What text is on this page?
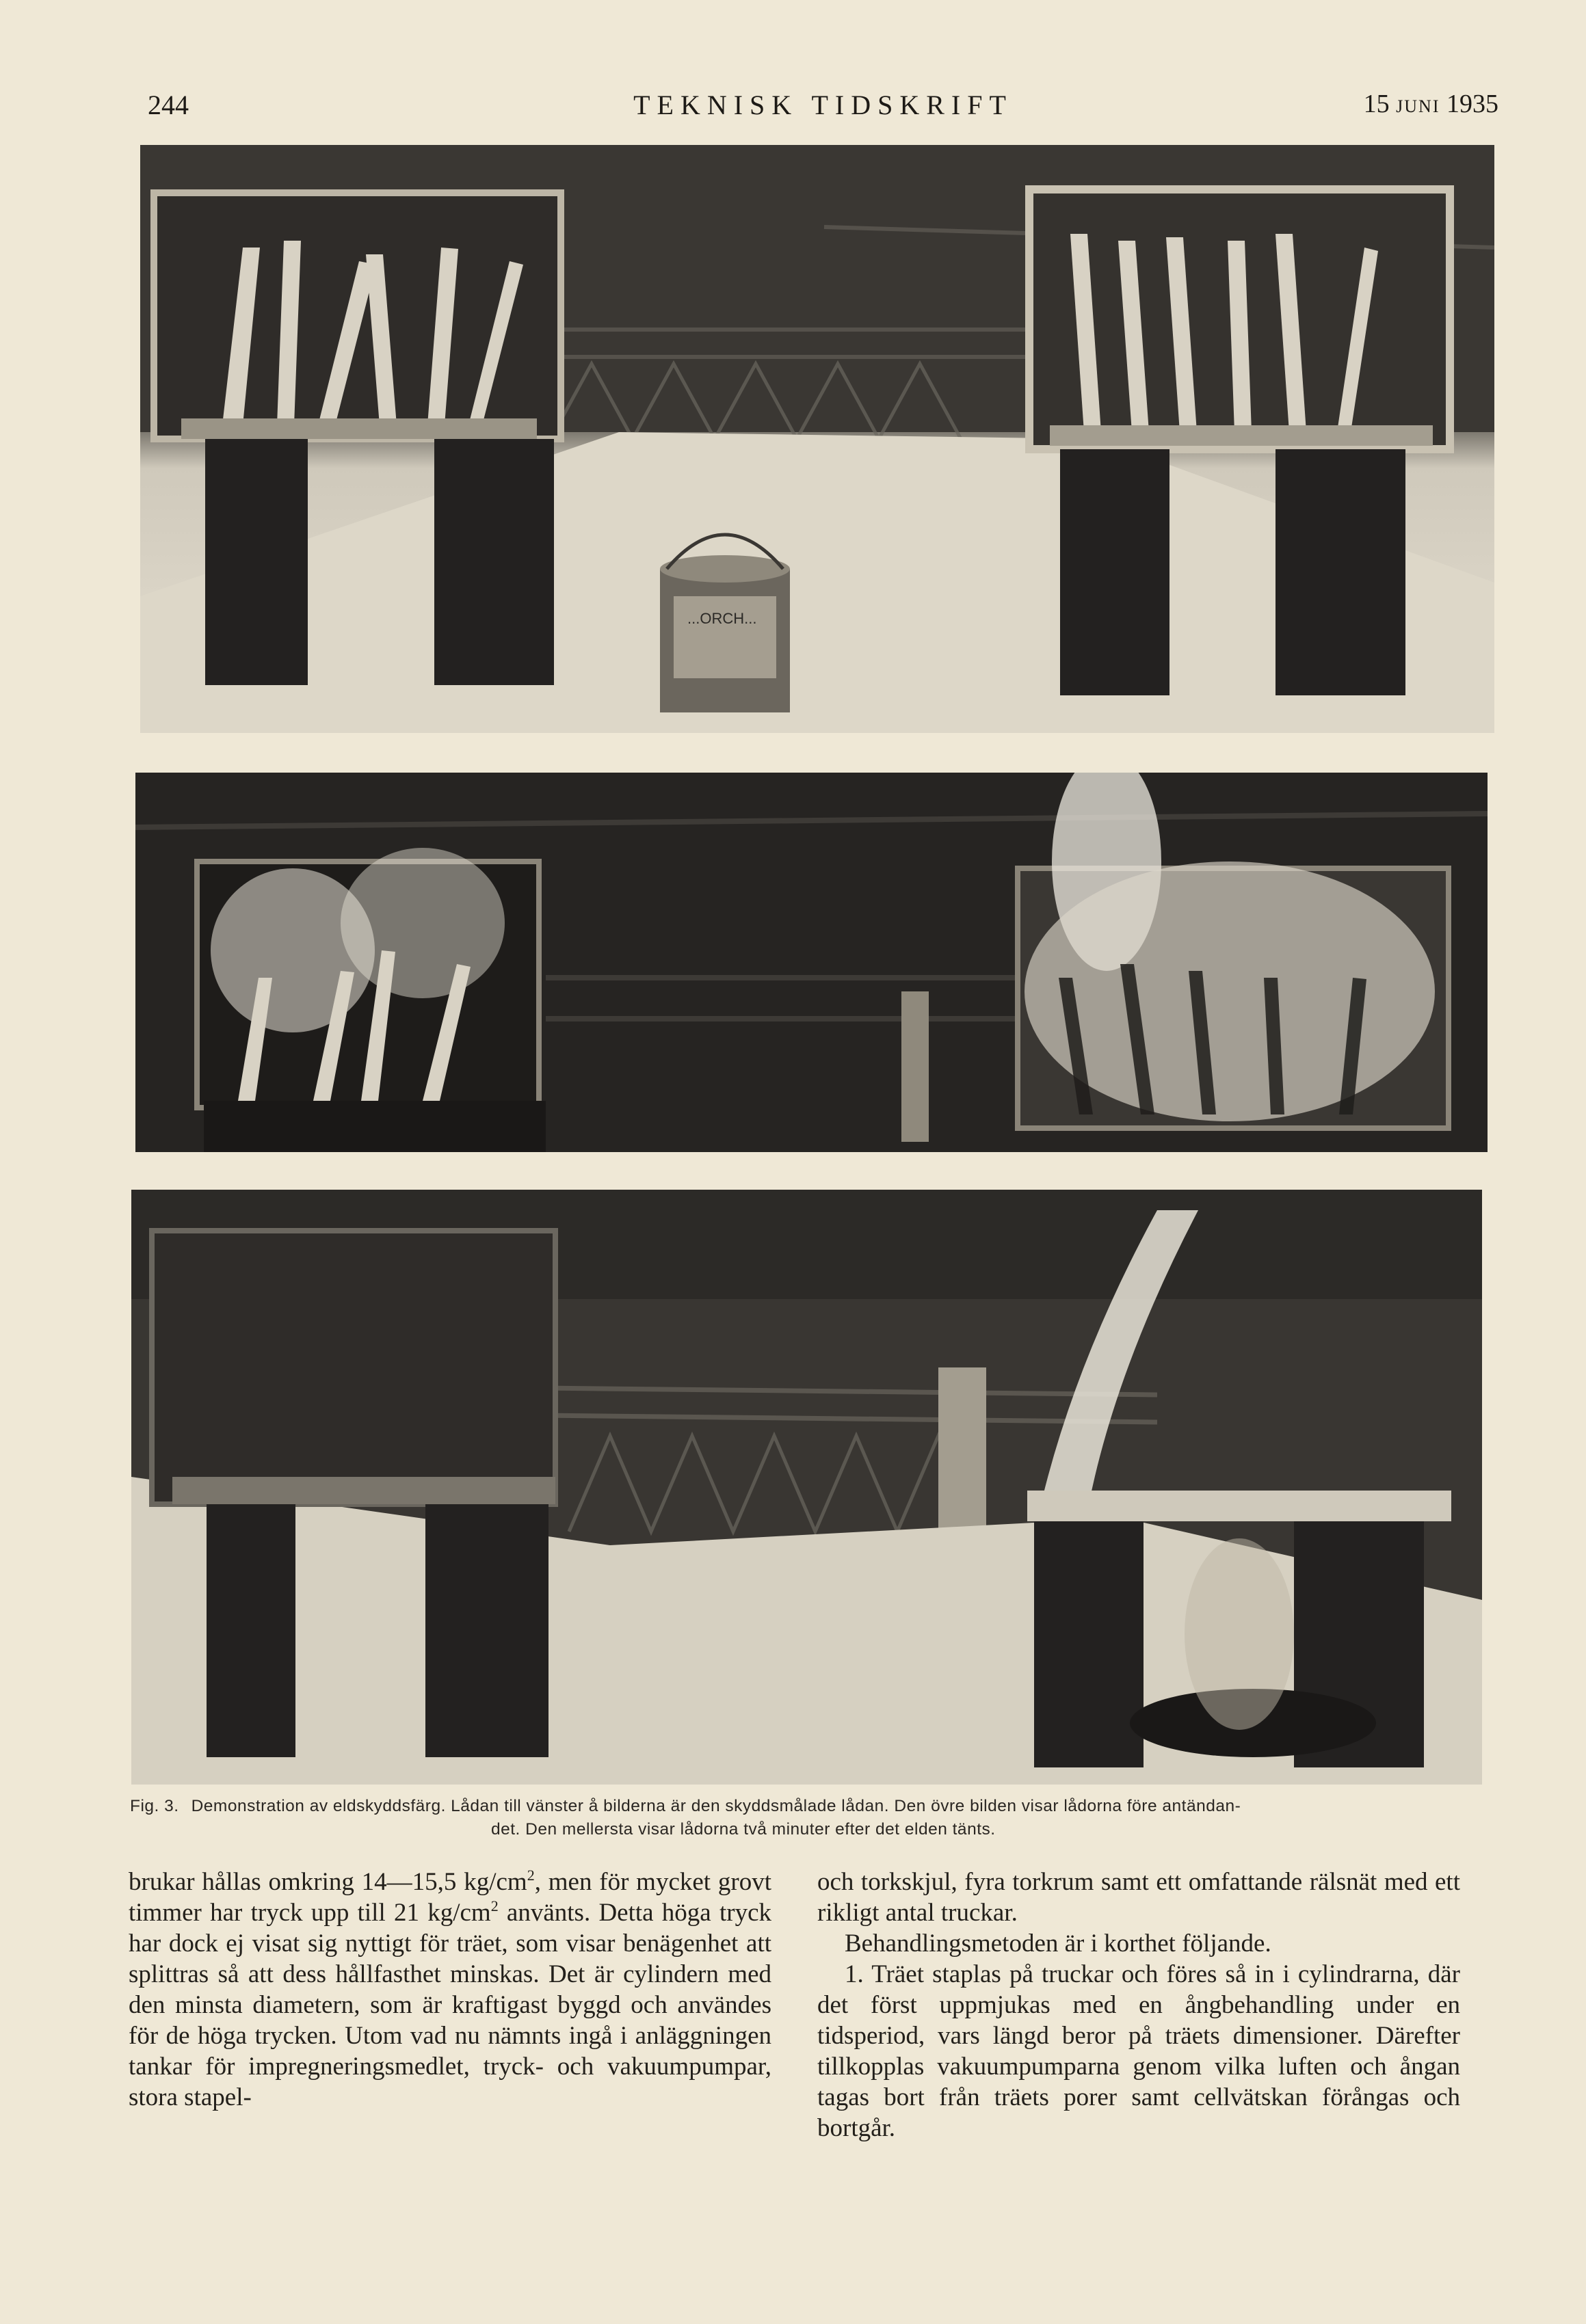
244	TEKNISK TIDSKRIFT	15 JUNI 1935
...ORCH...
Fig. 3. Demonstration av eldskyddsfärg. Lådan till vänster å bilderna är den skyddsmålade lådan. Den övre bilden visar lådorna före antändan-
det. Den mellersta visar lådorna två minuter efter det elden tänts.

brukar hållas omkring 14—15,5 $kg/cm^2$, men för mycket grovt timmer har tryck upp till 21 $kg/cm^2$ använts. Detta höga tryck har dock ej visat sig nyttigt för träet, som visar benägenhet att splittras så att dess hållfasthet minskas. Det är cylindern med den minsta diametern, som är kraftigast byggd och användes för de höga trycken. Utom vad nu nämnts ingå i anläggningen tankar för impregneringsmedlet, tryck- och vakuumpumpar, stora stapel-

och torkskjul, fyra torkrum samt ett omfattande rälsnät med ett rikligt antal truckar.

Behandlingsmetoden är i korthet följande.

1. Träet staplas på truckar och föres så in i cylindrarna, där det först uppmjukas med en ångbehandling under en tidsperiod, vars längd beror på träets dimensioner. Därefter tillkopplas vakuumpumparna genom vilka luften och ångan tagas bort från träets porer samt cellvätskan förångas och bortgår.
